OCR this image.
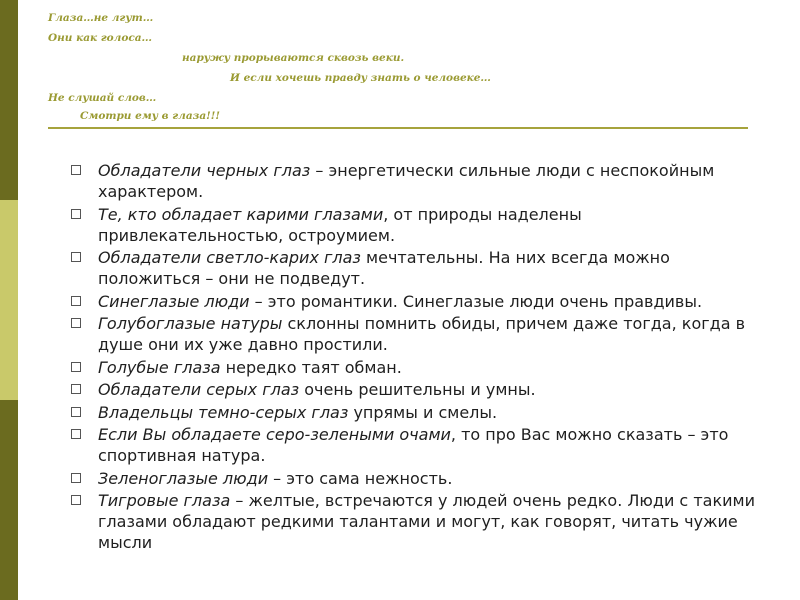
Глаза…не лгут…
Они как голоса…
наружу прорываются сквозь веки.
И если хочешь правду знать о человеке…
Не слушай слов…
Смотри ему в глаза!!!
Обладатели черных глаз – энергетически сильные люди с неспокойным характером.
Те, кто обладает карими глазами, от природы наделены привлекательностью, остроумием.
Обладатели светло-карих глаз мечтательны. На них всегда можно положиться – они не подведут.
Синеглазые люди – это романтики. Синеглазые люди очень правдивы.
Голубоглазые натуры склонны помнить обиды, причем даже тогда, когда в душе они их уже давно простили.
Голубые глаза нередко таят обман.
Обладатели серых глаз очень решительны и умны.
Владельцы темно-серых глаз упрямы и смелы.
Если Вы обладаете серо-зелеными очами, то про Вас можно сказать – это спортивная натура.
Зеленоглазые люди – это сама нежность.
Тигровые глаза – желтые, встречаются у людей очень редко. Люди с такими глазами обладают редкими талантами и могут, как говорят, читать чужие мысли
